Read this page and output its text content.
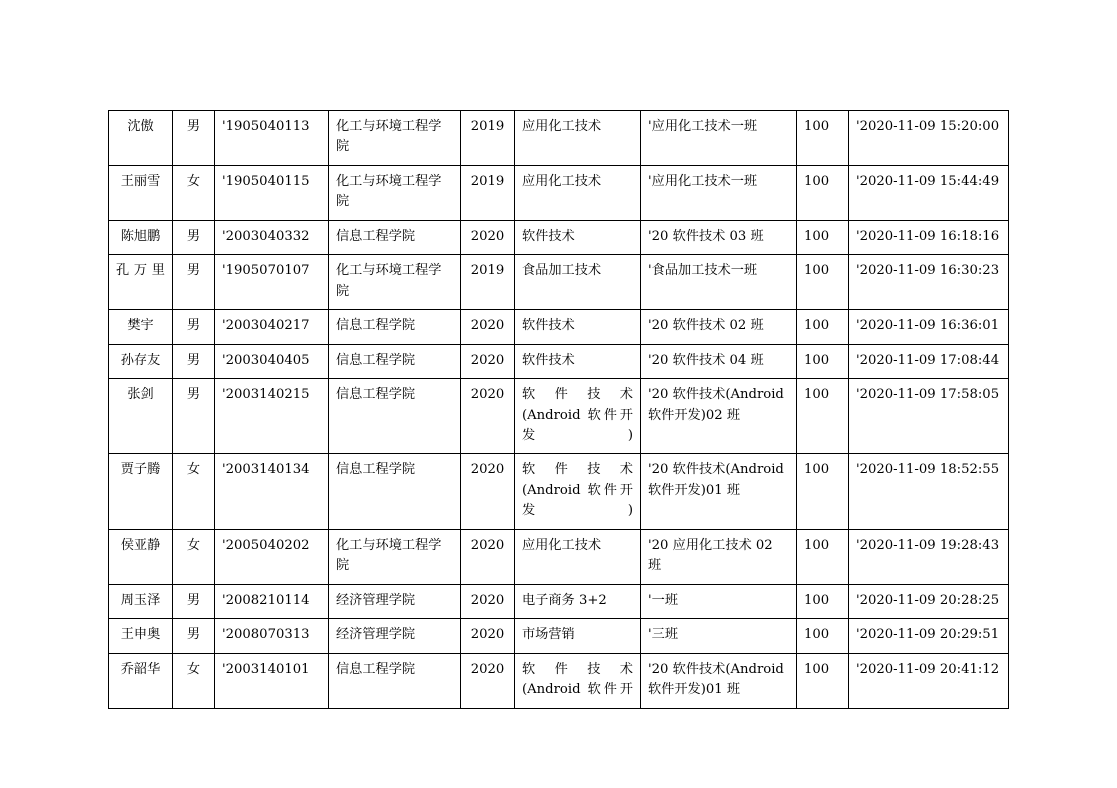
沈傲	男	'1905040113	化工与环境工程学院	2019	应用化工技术	'应用化工技术一班	100	'2020-11-09 15:20:00
王丽雪	女	'1905040115	化工与环境工程学院	2019	应用化工技术	'应用化工技术一班	100	'2020-11-09 15:44:49
陈旭鹏	男	'2003040332	信息工程学院	2020	软件技术	'20 软件技术 03 班	100	'2020-11-09 16:18:16
孔万里	男	'1905070107	化工与环境工程学院	2019	食品加工技术	'食品加工技术一班	100	'2020-11-09 16:30:23
樊宇	男	'2003040217	信息工程学院	2020	软件技术	'20 软件技术 02 班	100	'2020-11-09 16:36:01
孙存友	男	'2003040405	信息工程学院	2020	软件技术	'20 软件技术 04 班	100	'2020-11-09 17:08:44
张剑	男	'2003140215	信息工程学院	2020	软件技术(Android 软件开发)	'20 软件技术(Android 软件开发)02 班	100	'2020-11-09 17:58:05
贾子腾	女	'2003140134	信息工程学院	2020	软件技术(Android 软件开发)	'20 软件技术(Android 软件开发)01 班	100	'2020-11-09 18:52:55
侯亚静	女	'2005040202	化工与环境工程学院	2020	应用化工技术	'20 应用化工技术 02 班	100	'2020-11-09 19:28:43
周玉泽	男	'2008210114	经济管理学院	2020	电子商务 3+2	'一班	100	'2020-11-09 20:28:25
王申奥	男	'2008070313	经济管理学院	2020	市场营销	'三班	100	'2020-11-09 20:29:51
乔韶华	女	'2003140101	信息工程学院	2020	软件技术(Android 软件开	'20 软件技术(Android 软件开发)01 班	100	'2020-11-09 20:41:12
